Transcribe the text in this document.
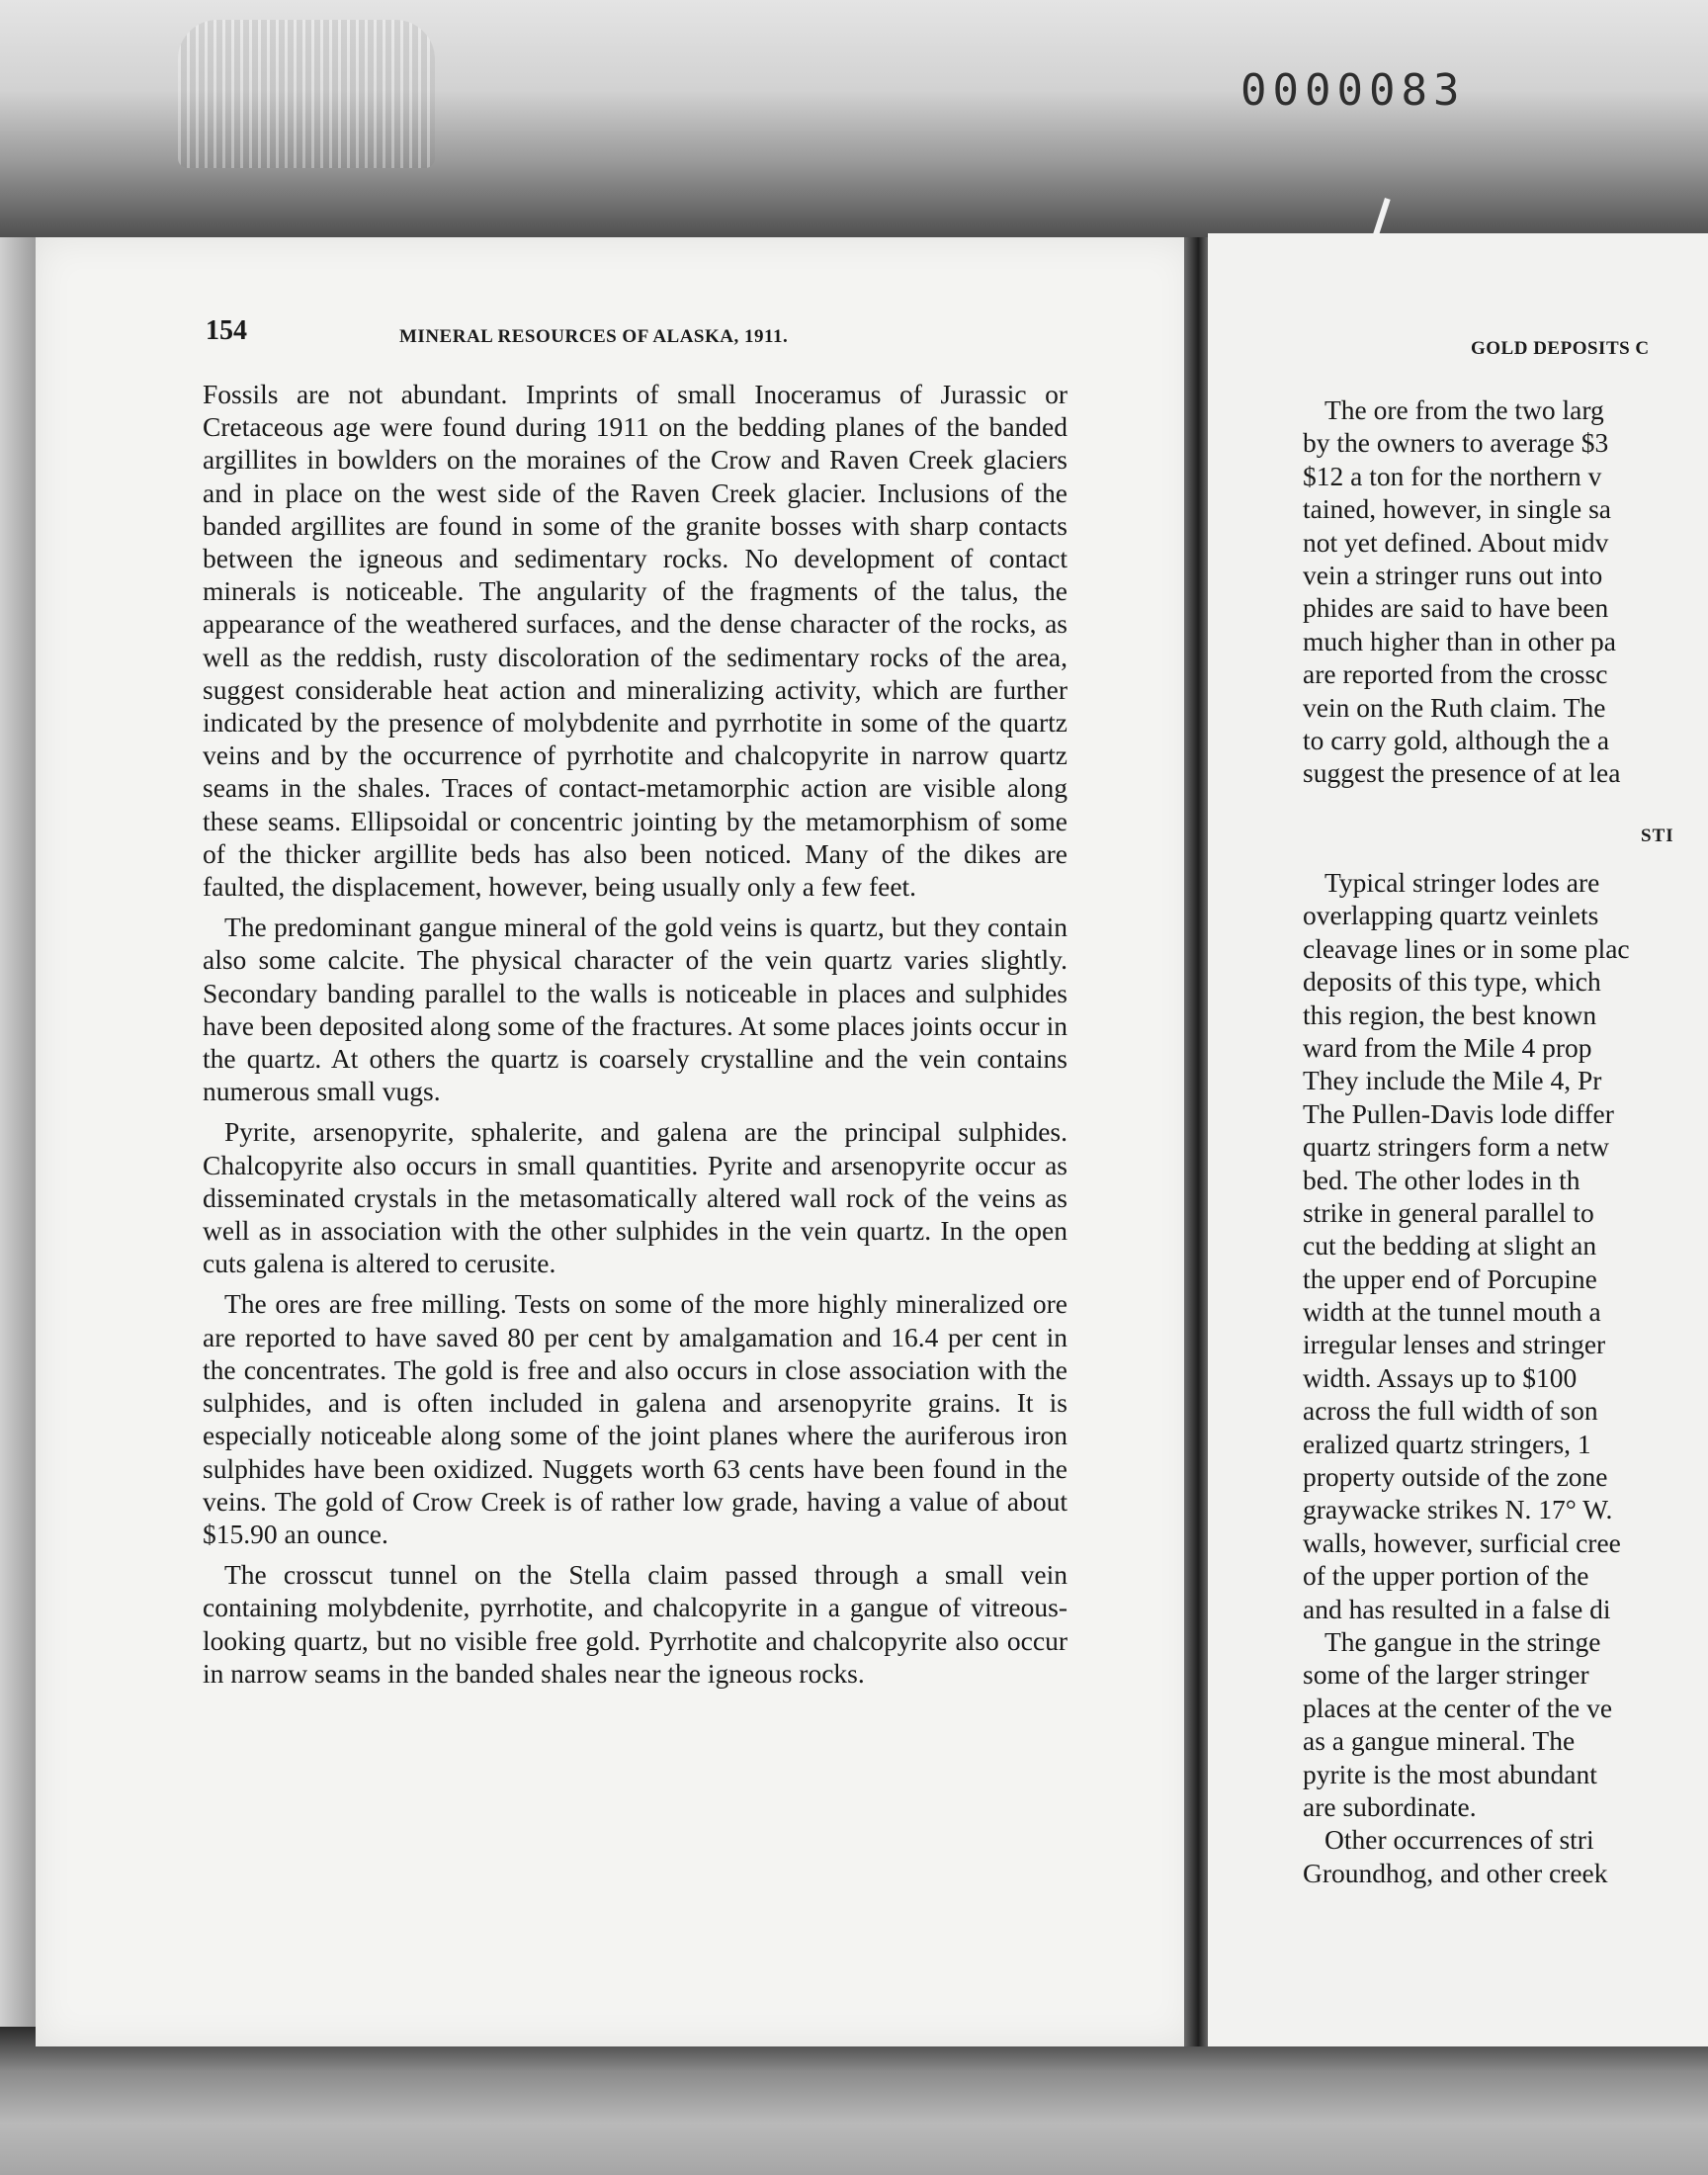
0000083
154	MINERAL RESOURCES OF ALASKA, 1911.

Fossils are not abundant. Imprints of small Inoceramus of Jurassic or Cretaceous age were found during 1911 on the bedding planes of the banded argillites in bowlders on the moraines of the Crow and Raven Creek glaciers and in place on the west side of the Raven Creek glacier. Inclusions of the banded argillites are found in some of the granite bosses with sharp contacts between the igneous and sedimentary rocks. No development of contact minerals is noticeable. The angularity of the fragments of the talus, the appearance of the weathered surfaces, and the dense character of the rocks, as well as the reddish, rusty discoloration of the sedimentary rocks of the area, suggest considerable heat action and mineralizing activity, which are further indicated by the presence of molybdenite and pyrrhotite in some of the quartz veins and by the occurrence of pyrrhotite and chalcopyrite in narrow quartz seams in the shales. Traces of contact-metamorphic action are visible along these seams. Ellipsoidal or concentric jointing by the metamorphism of some of the thicker argillite beds has also been noticed. Many of the dikes are faulted, the displacement, however, being usually only a few feet.

The predominant gangue mineral of the gold veins is quartz, but they contain also some calcite. The physical character of the vein quartz varies slightly. Secondary banding parallel to the walls is noticeable in places and sulphides have been deposited along some of the fractures. At some places joints occur in the quartz. At others the quartz is coarsely crystalline and the vein contains numerous small vugs.

Pyrite, arsenopyrite, sphalerite, and galena are the principal sulphides. Chalcopyrite also occurs in small quantities. Pyrite and arsenopyrite occur as disseminated crystals in the metasomatically altered wall rock of the veins as well as in association with the other sulphides in the vein quartz. In the open cuts galena is altered to cerusite.

The ores are free milling. Tests on some of the more highly mineralized ore are reported to have saved 80 per cent by amalgamation and 16.4 per cent in the concentrates. The gold is free and also occurs in close association with the sulphides, and is often included in galena and arsenopyrite grains. It is especially noticeable along some of the joint planes where the auriferous iron sulphides have been oxidized. Nuggets worth 63 cents have been found in the veins. The gold of Crow Creek is of rather low grade, having a value of about $15.90 an ounce.

The crosscut tunnel on the Stella claim passed through a small vein containing molybdenite, pyrrhotite, and chalcopyrite in a gangue of vitreous-looking quartz, but no visible free gold. Pyrrhotite and chalcopyrite also occur in narrow seams in the banded shales near the igneous rocks.

GOLD DEPOSITS C
The ore from the two larg
by the owners to average $3
$12 a ton for the northern v
tained, however, in single sa
not yet defined. About midv
vein a stringer runs out into
phides are said to have been
much higher than in other pa
are reported from the crossc
vein on the Ruth claim. The
to carry gold, although the a
suggest the presence of at lea
STI
Typical stringer lodes are
overlapping quartz veinlets
cleavage lines or in some plac
deposits of this type, which
this region, the best known
ward from the Mile 4 prop
They include the Mile 4, Pr
The Pullen-Davis lode differ
quartz stringers form a netw
bed. The other lodes in th
strike in general parallel to
cut the bedding at slight an
the upper end of Porcupine
width at the tunnel mouth a
irregular lenses and stringer
width. Assays up to $100
across the full width of son
eralized quartz stringers, 1
property outside of the zone
graywacke strikes N. 17° W.
walls, however, surficial cree
of the upper portion of the
and has resulted in a false di
The gangue in the stringe
some of the larger stringer
places at the center of the ve
as a gangue mineral. The
pyrite is the most abundant
are subordinate.
Other occurrences of stri
Groundhog, and other creek
